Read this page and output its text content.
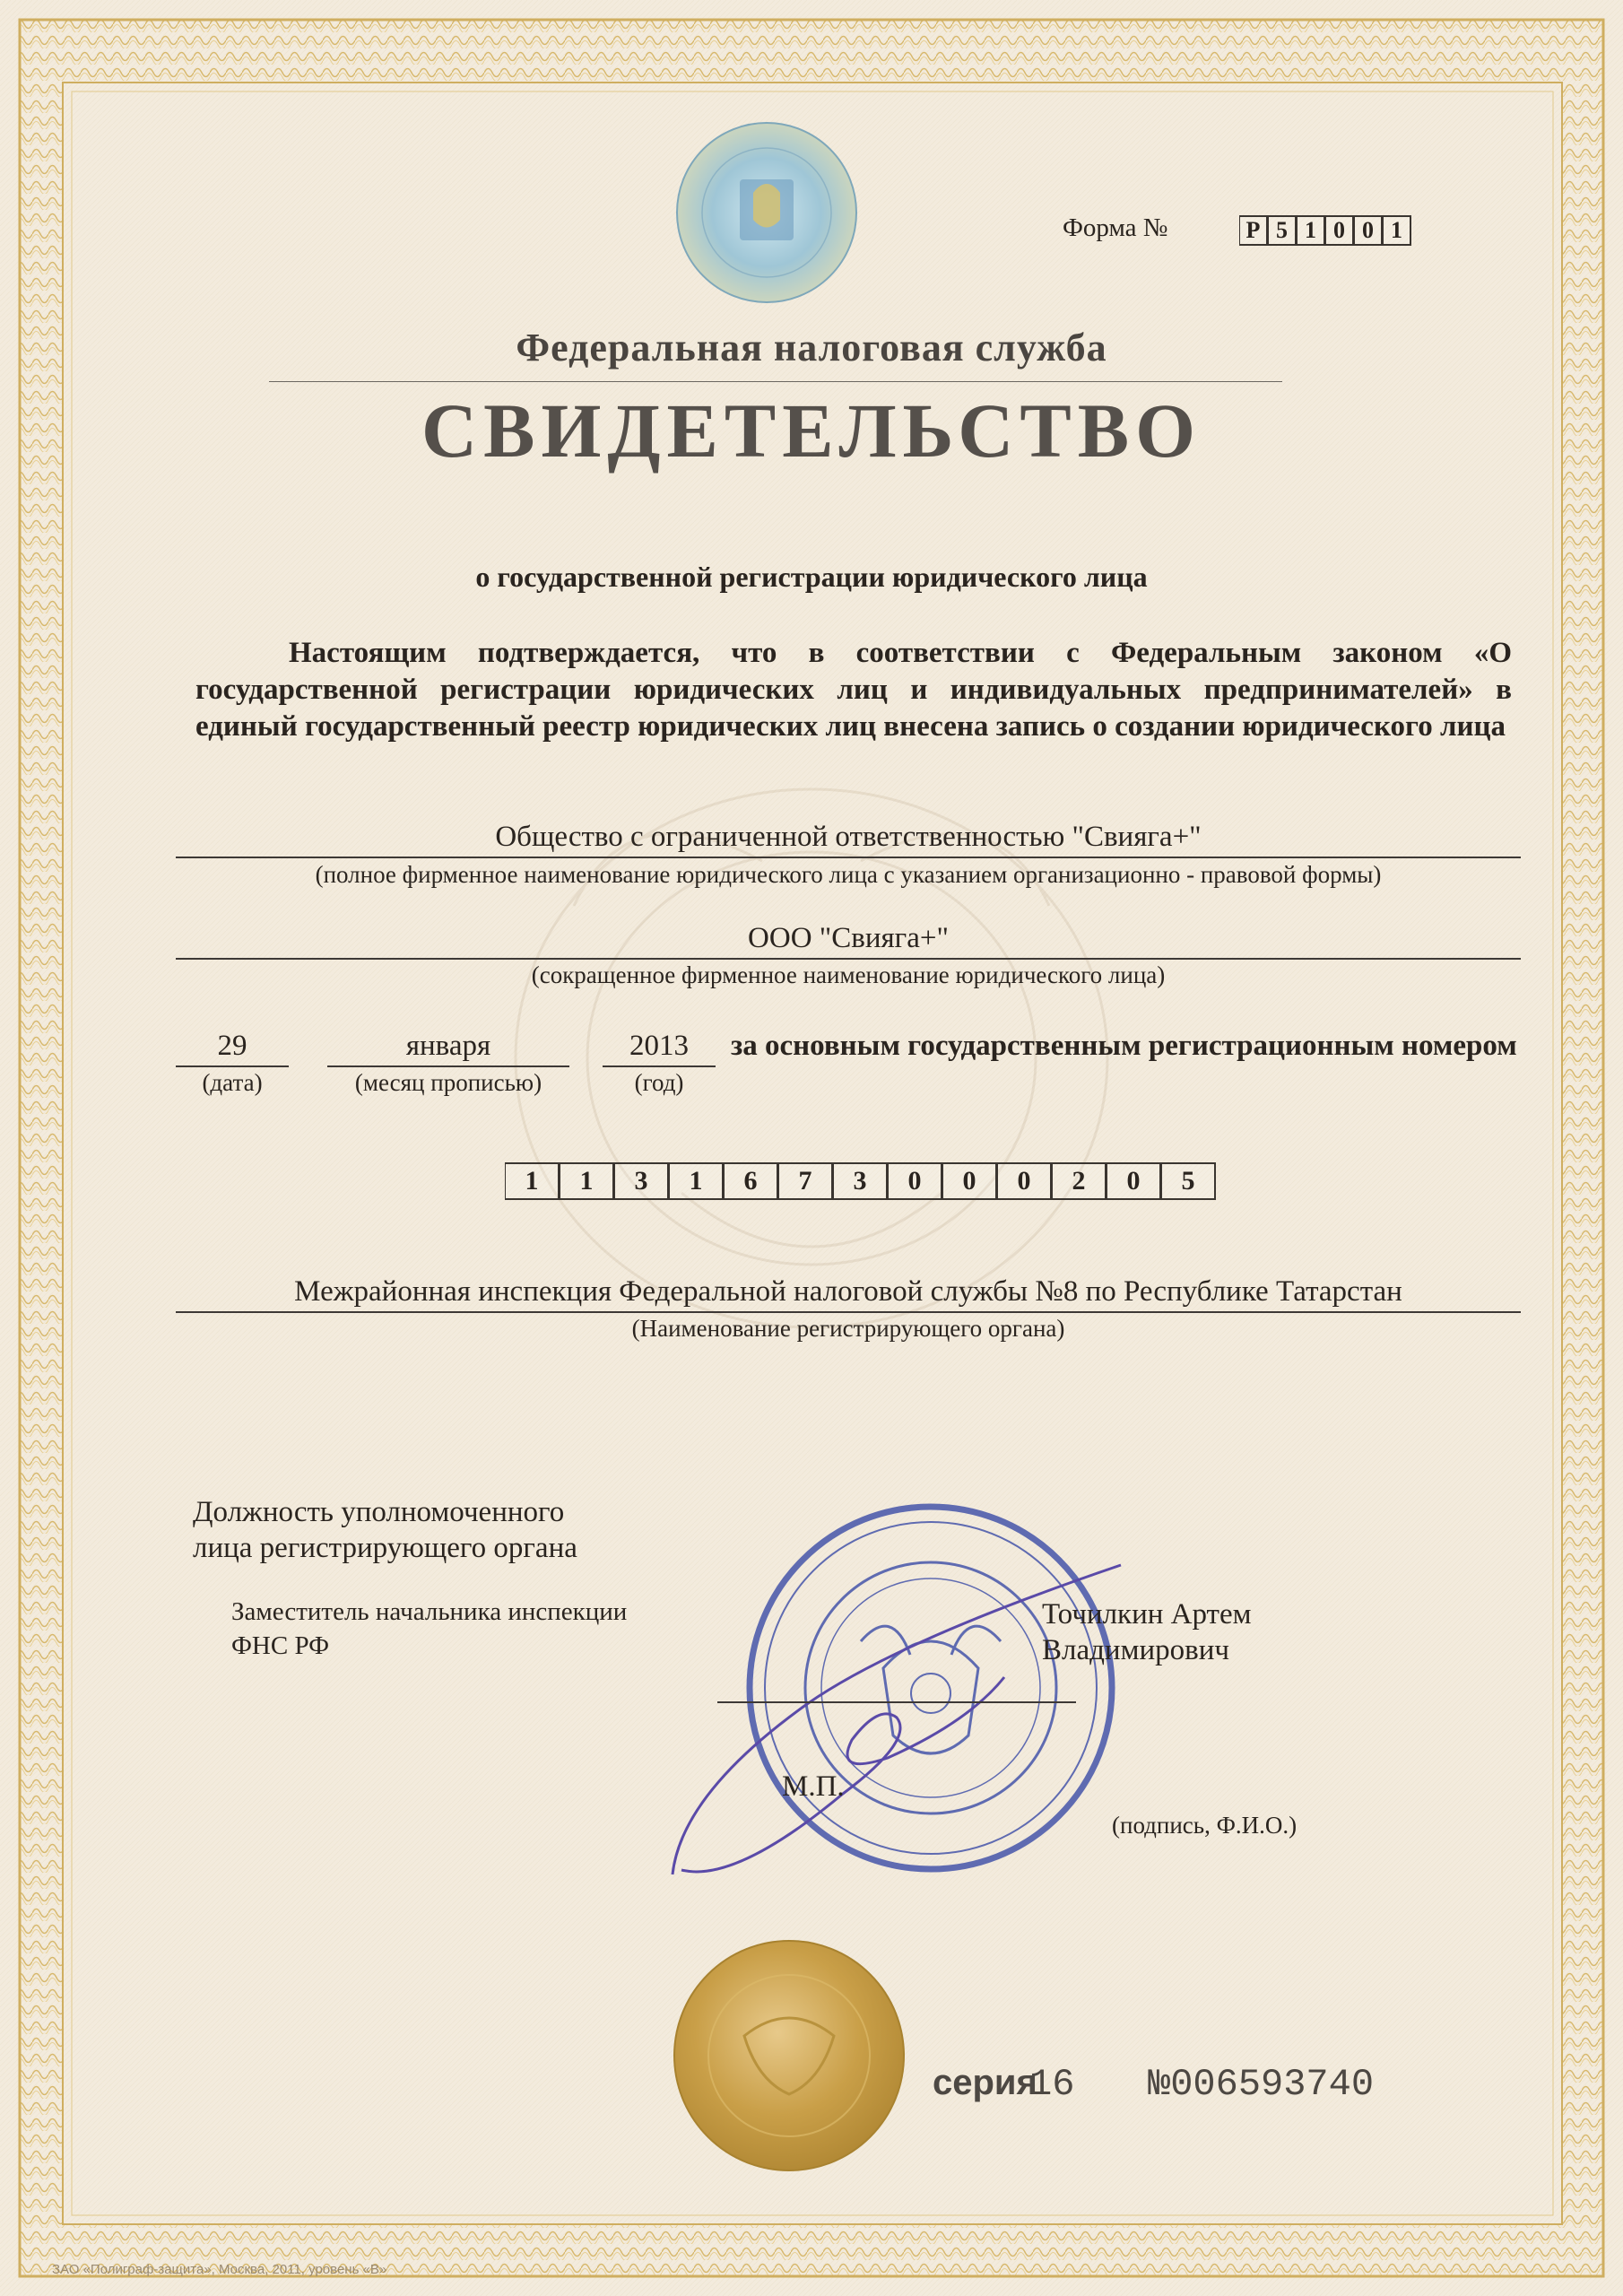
Форма №	Р 5 1 0 0 1
Федеральная налоговая служба
СВИДЕТЕЛЬСТВО
о государственной регистрации юридического лица
Настоящим подтверждается, что в соответствии с Федеральным законом «О государственной регистрации юридических лиц и индивидуальных предпринимателей» в единый государственный реестр юридических лиц внесена запись о создании юридического лица
Общество с ограниченной ответственностью "Свияга+"
(полное фирменное наименование юридического лица с указанием организационно - правовой формы)
ООО "Свияга+"
(сокращенное фирменное наименование юридического лица)
29
(дата)
января
(месяц прописью)
2013
(год)
за основным государственным регистрационным номером
1	1	3	1	6	7	3	0	0	0	2	0	5
Межрайонная инспекция Федеральной налоговой службы №8 по Республике Татарстан
(Наименование регистрирующего органа)
Должность уполномоченного
лица регистрирующего органа
Заместитель начальника инспекции
ФНС РФ
Точилкин Артем
Владимирович
М.П.
(подпись, Ф.И.О.)
серия
16 №006593740
ЗАО «Полиграф-защита», Москва, 2011, уровень «В»
